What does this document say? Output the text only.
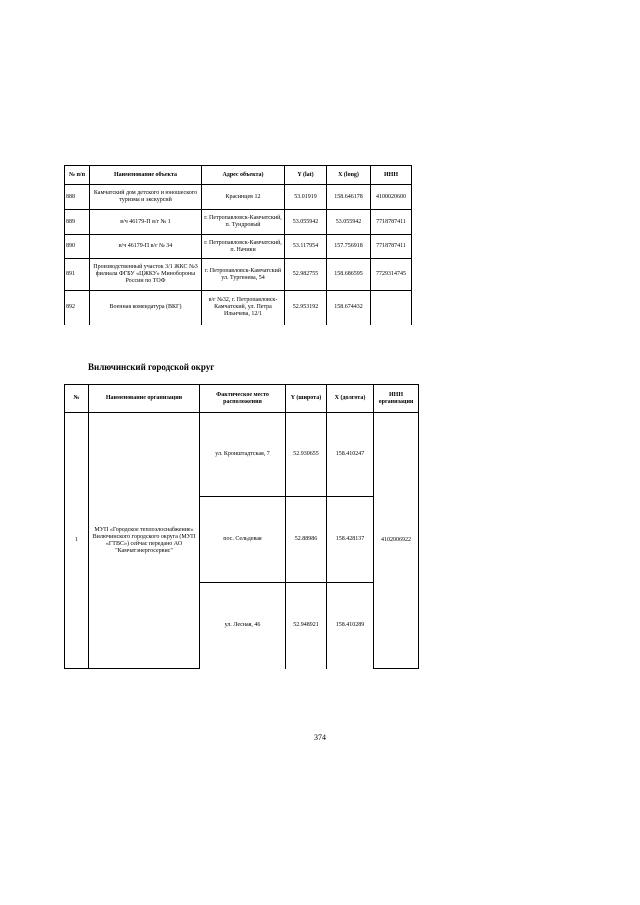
№ п/п	Наименование объекта	Адрес объекта)	Y (lat)	X (long)	ИНН
888	Камчатский дом детского и юношеского туризма и экскурсий	Красинцев 12	53.01919	158.646178	4100020600
889	в/ч 46179-П в/г № 1	г. Петропавловск-Камчатский, п. Тундровый	53.055942	53.055942	7718787411
890	в/ч 46179-П в/г № 34	г. Петропавловск-Камчатский, п. Начики	53.117954	157.756918	7718787411
891	Производственный участок 3/1 ЖКС №3 филиала ФГБУ «ЦЖКУ» Минобороны России по ТОФ	г. Петропавловск-Камчатский ул. Тургенева, 54	52.982755	158.686595	7729314745
892	Военная комендатура (ВКГ)	в/г №32, г. Петропавловск-Камчатский, ул. Петра Ильичева, 12/1	52.953192	158.674432	
Вилючинский городской округ
№	Наименование организации	Фактическое место расположения	Y (широта)	X (долгота)	ИНН организации
1	МУП «Городское теплоэлоснабжение» Вилючинского городского округа (МУП «ГТВС») сейчас передано АО "Камчатэнергосервис"	ул. Кронштадтская, 7	52.930655	158.410247	4102006922
		пос. Сельдевая	52.88986	158.428137	
		ул. Лесная, 46	52.948921	158.410289	
374
